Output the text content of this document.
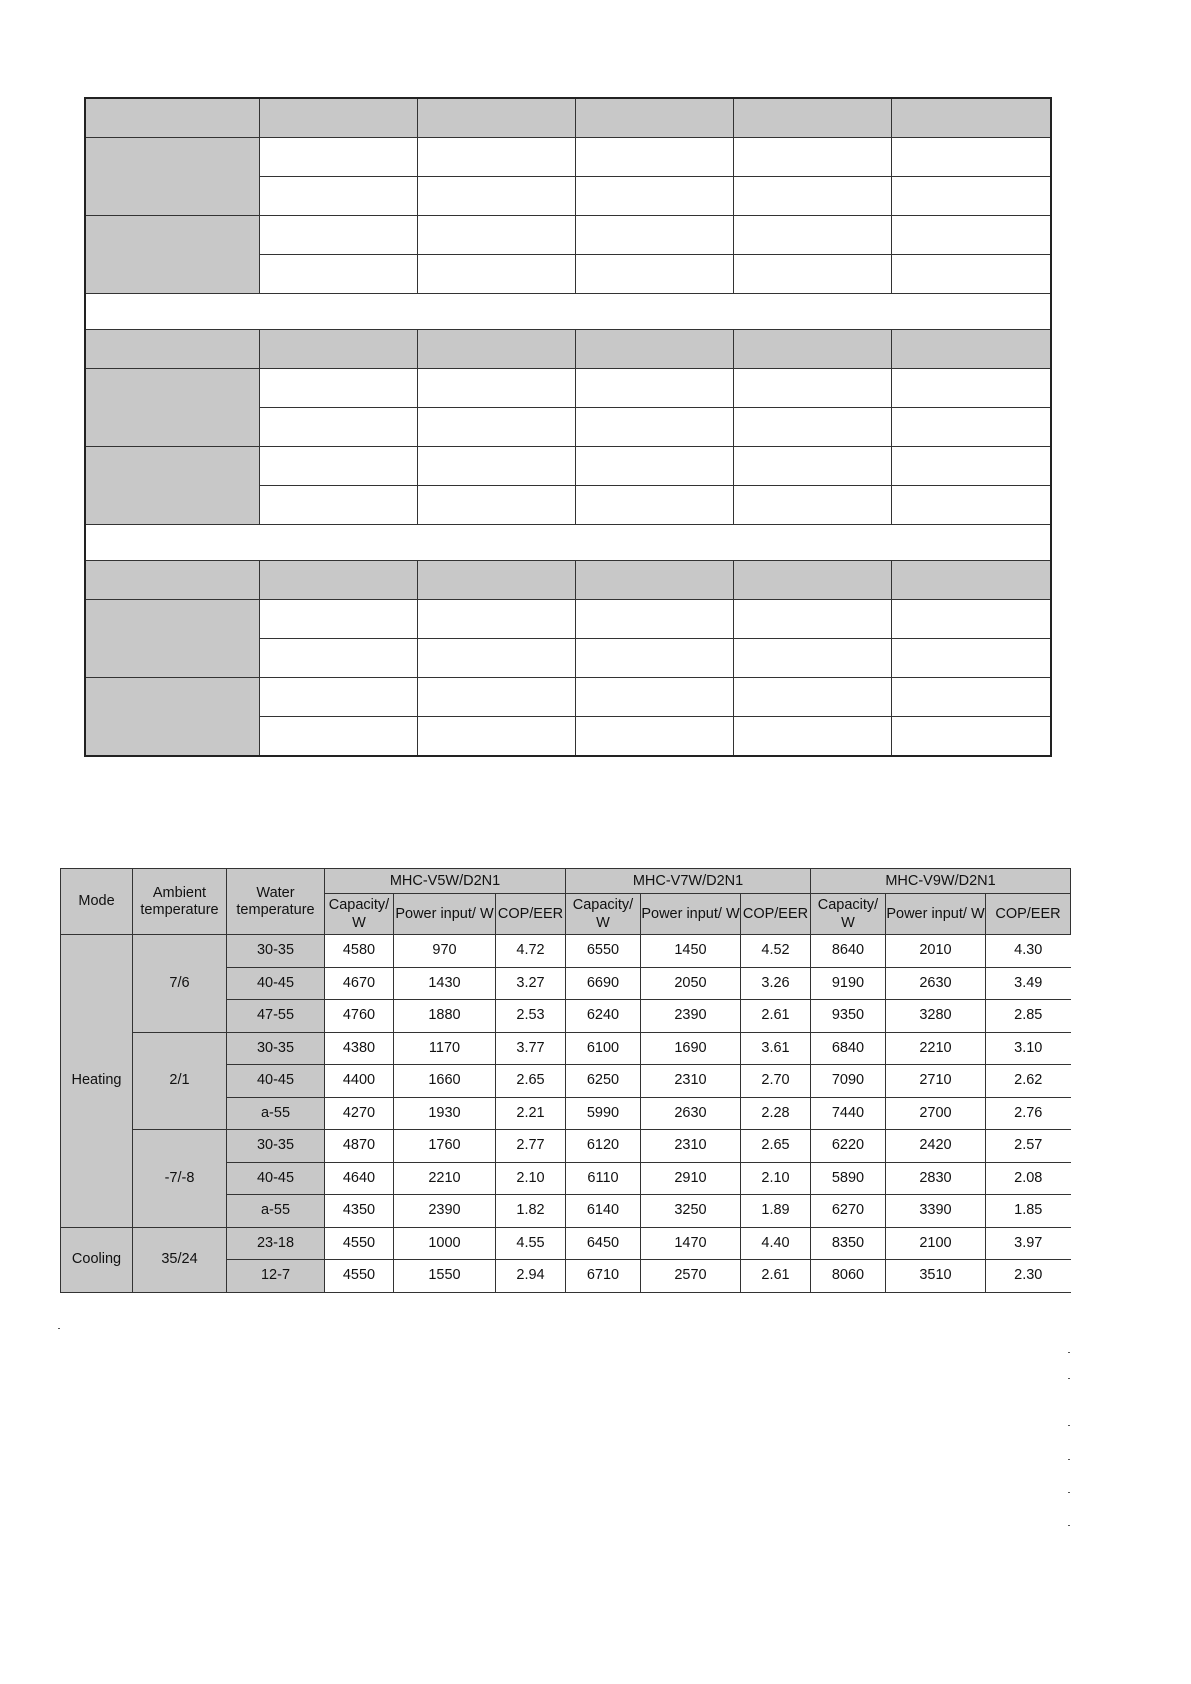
Mode	Ambient temperature	Water temperature	MHC-V5W/D2N1			MHC-V7W/D2N1			MHC-V9W/D2N1		
			Capacity/ W	Power input/ W	COP/EER	Capacity/ W	Power input/ W	COP/EER	Capacity/ W	Power input/ W	COP/EER
Heating	7/6	30-35	4580	970	4.72	6550	1450	4.52	8640	2010	4.30
		40-45	4670	1430	3.27	6690	2050	3.26	9190	2630	3.49
		47-55	4760	1880	2.53	6240	2390	2.61	9350	3280	2.85
	2/1	30-35	4380	1170	3.77	6100	1690	3.61	6840	2210	3.10
		40-45	4400	1660	2.65	6250	2310	2.70	7090	2710	2.62
		a-55	4270	1930	2.21	5990	2630	2.28	7440	2700	2.76
	-7/-8	30-35	4870	1760	2.77	6120	2310	2.65	6220	2420	2.57
		40-45	4640	2210	2.10	6110	2910	2.10	5890	2830	2.08
		a-55	4350	2390	1.82	6140	3250	1.89	6270	3390	1.85
Cooling	35/24	23-18	4550	1000	4.55	6450	1470	4.40	8350	2100	3.97
		12-7	4550	1550	2.94	6710	2570	2.61	8060	3510	2.30
